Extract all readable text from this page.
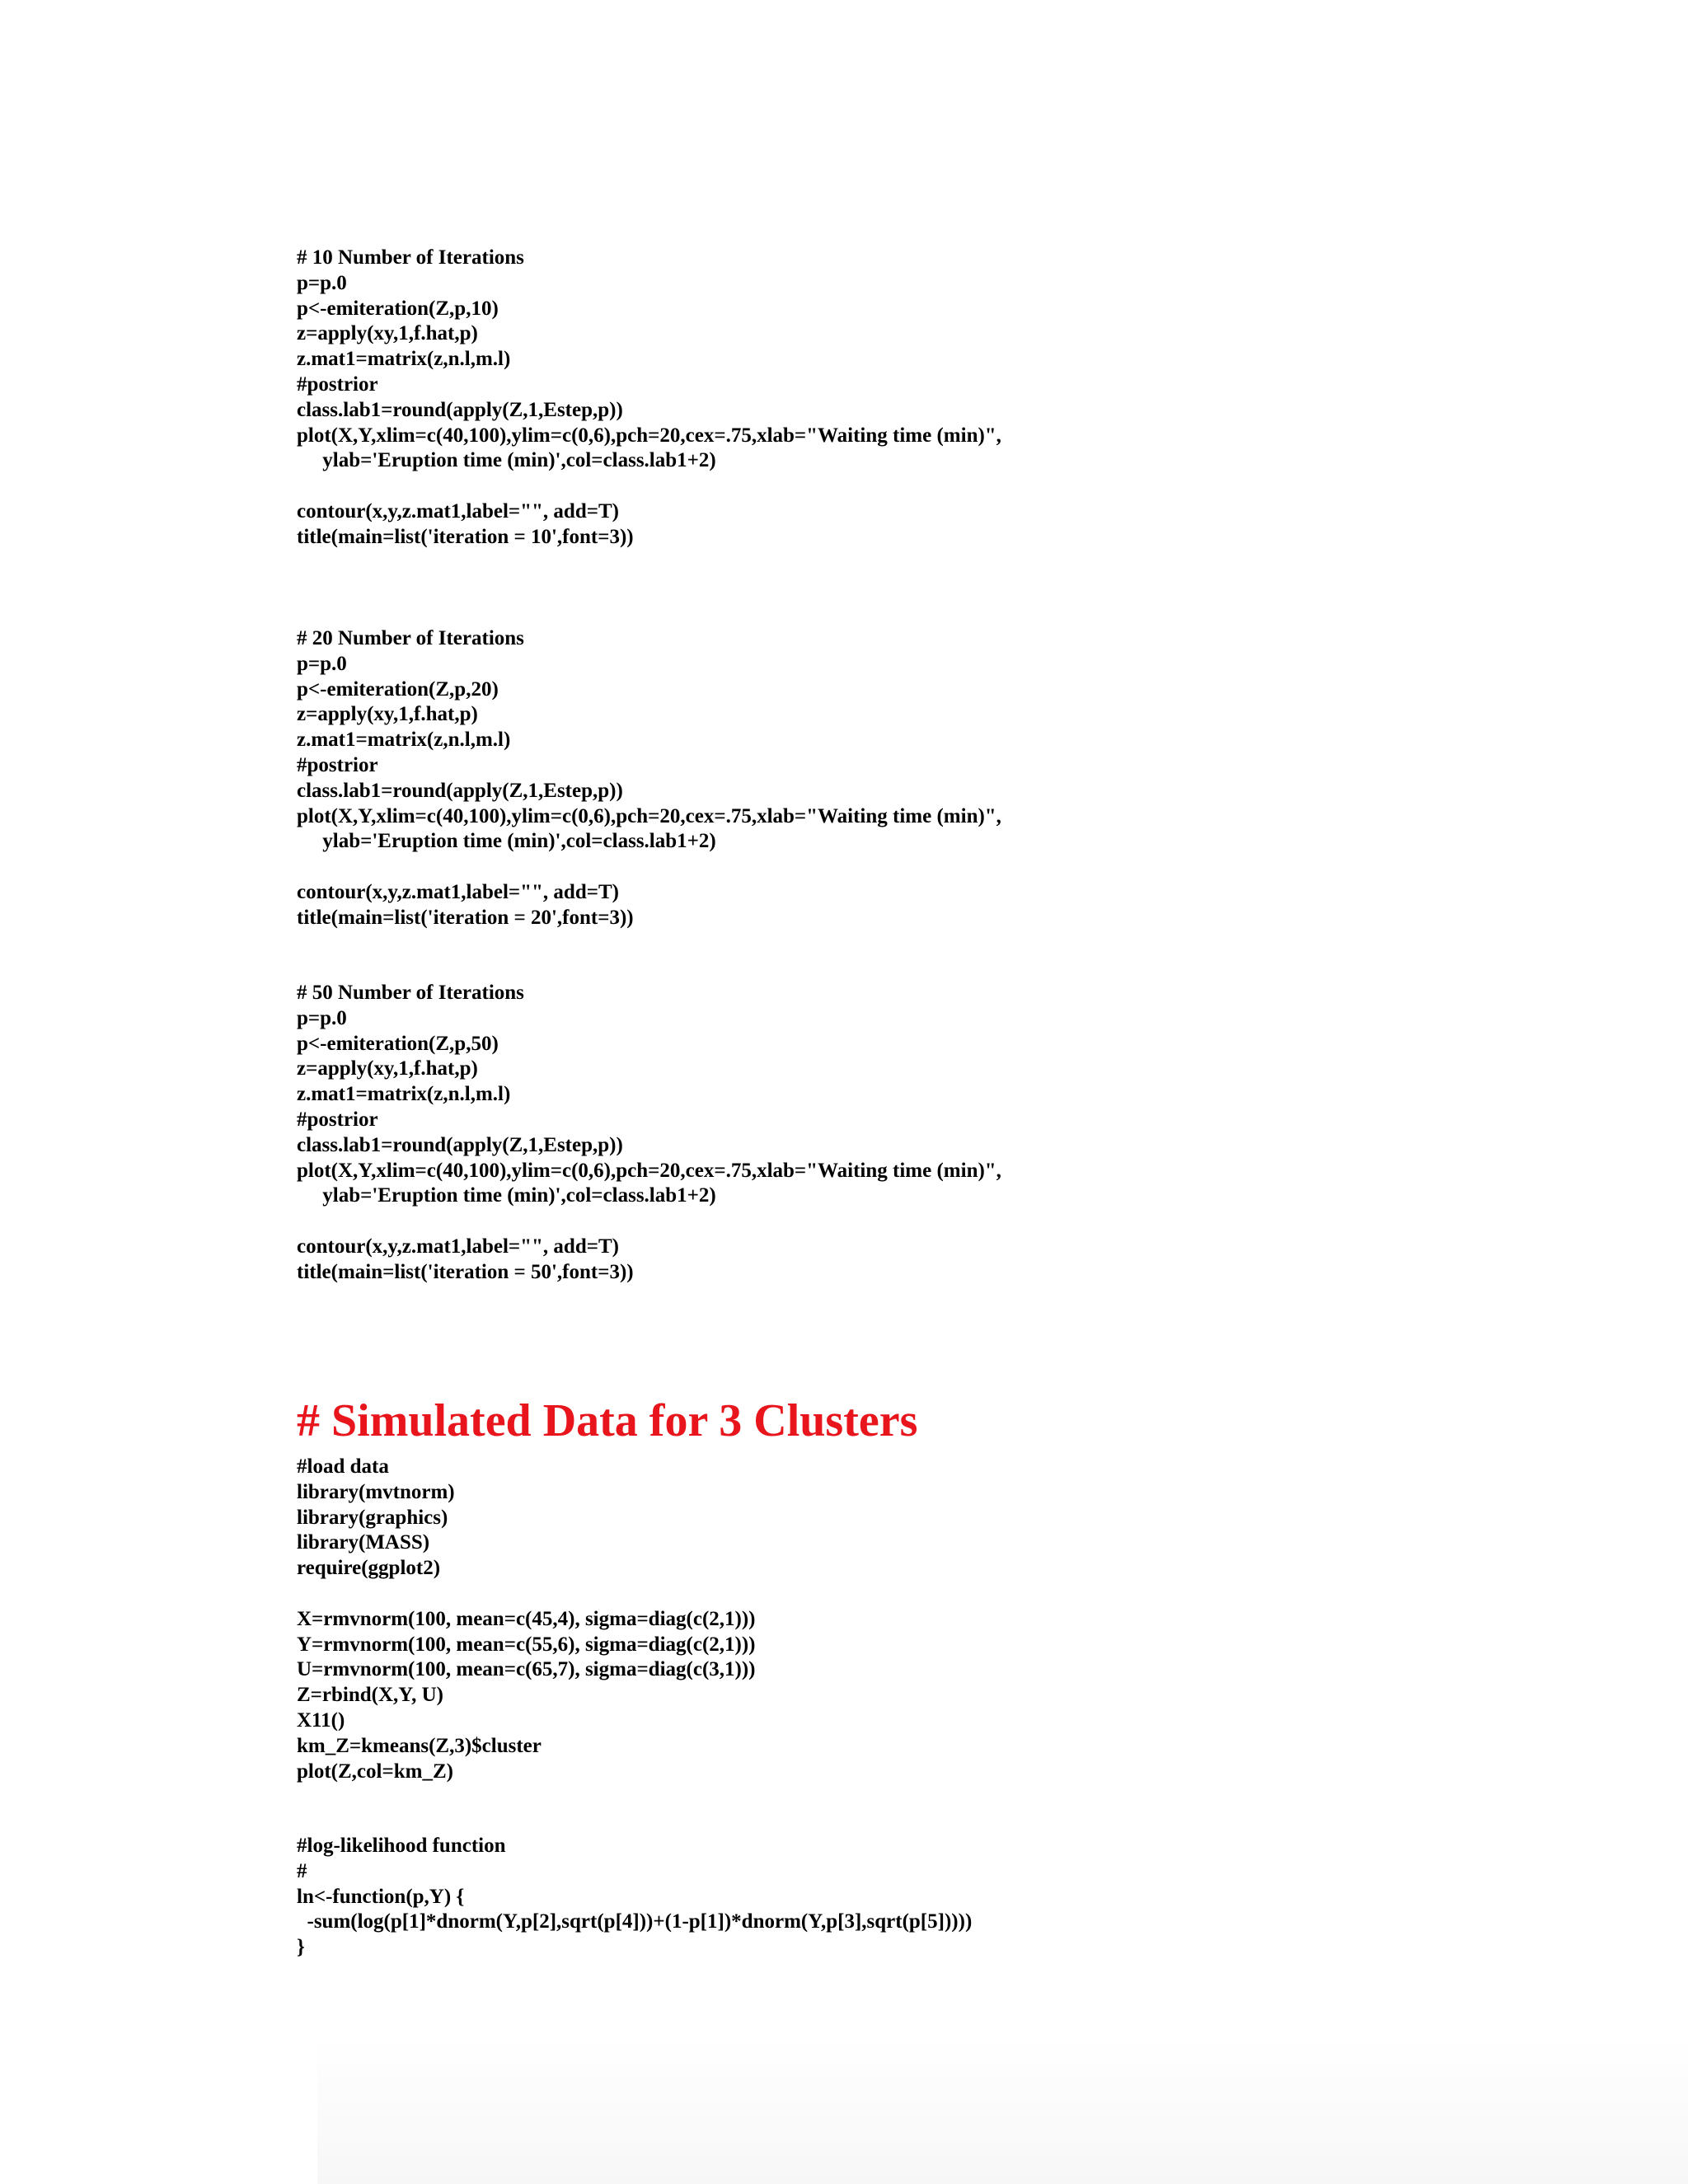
# 10 Number of Iterations
p=p.0
p<-emiteration(Z,p,10)
z=apply(xy,1,f.hat,p)
z.mat1=matrix(z,n.l,m.l)
#postrior
class.lab1=round(apply(Z,1,Estep,p))
plot(X,Y,xlim=c(40,100),ylim=c(0,6),pch=20,cex=.75,xlab="Waiting time (min)",
ylab='Eruption time (min)',col=class.lab1+2)
contour(x,y,z.mat1,label="", add=T)
title(main=list('iteration = 10',font=3))
# 20 Number of Iterations
p=p.0
p<-emiteration(Z,p,20)
z=apply(xy,1,f.hat,p)
z.mat1=matrix(z,n.l,m.l)
#postrior
class.lab1=round(apply(Z,1,Estep,p))
plot(X,Y,xlim=c(40,100),ylim=c(0,6),pch=20,cex=.75,xlab="Waiting time (min)",
ylab='Eruption time (min)',col=class.lab1+2)
contour(x,y,z.mat1,label="", add=T)
title(main=list('iteration = 20',font=3))
# 50 Number of Iterations
p=p.0
p<-emiteration(Z,p,50)
z=apply(xy,1,f.hat,p)
z.mat1=matrix(z,n.l,m.l)
#postrior
class.lab1=round(apply(Z,1,Estep,p))
plot(X,Y,xlim=c(40,100),ylim=c(0,6),pch=20,cex=.75,xlab="Waiting time (min)",
ylab='Eruption time (min)',col=class.lab1+2)
contour(x,y,z.mat1,label="", add=T)
title(main=list('iteration = 50',font=3))
# Simulated Data for 3 Clusters
#load data
library(mvtnorm)
library(graphics)
library(MASS)
require(ggplot2)
X=rmvnorm(100, mean=c(45,4), sigma=diag(c(2,1)))
Y=rmvnorm(100, mean=c(55,6), sigma=diag(c(2,1)))
U=rmvnorm(100, mean=c(65,7), sigma=diag(c(3,1)))
Z=rbind(X,Y, U)
X11()
km_Z=kmeans(Z,3)$cluster
plot(Z,col=km_Z)
#log-likelihood function
#
ln<-function(p,Y) {
-sum(log(p[1]*dnorm(Y,p[2],sqrt(p[4]))+(1-p[1])*dnorm(Y,p[3],sqrt(p[5]))))
}
